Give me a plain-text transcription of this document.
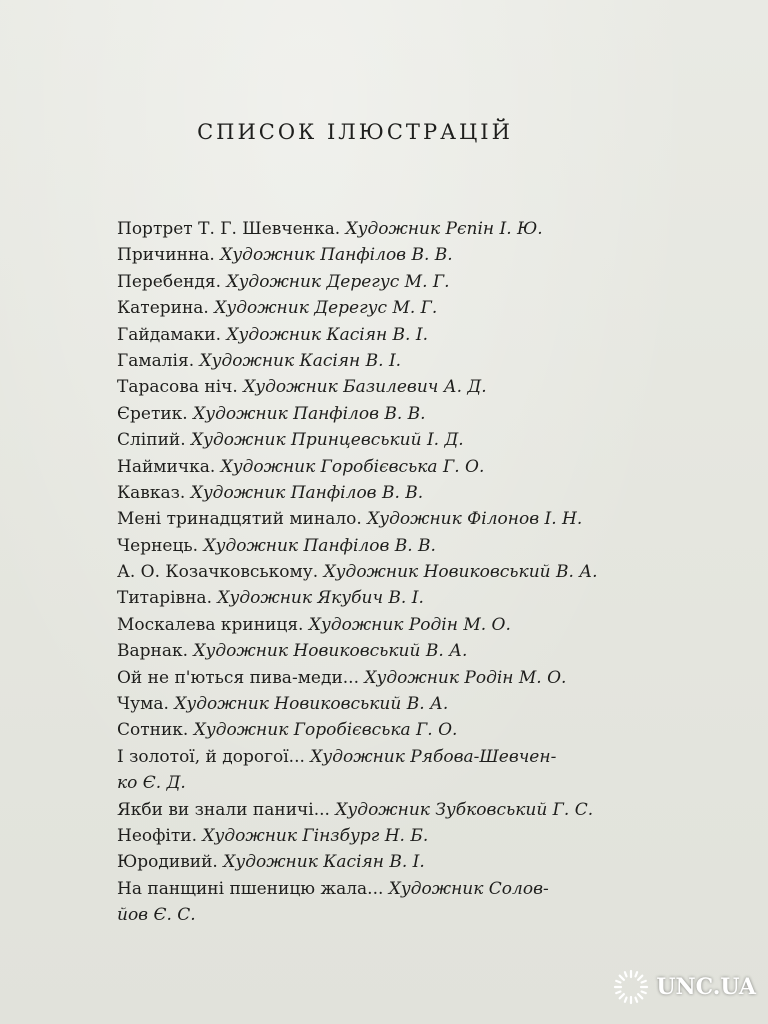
СПИСОК ІЛЮСТРАЦІЙ
Портрет Т. Г. Шевченка. Художник Рєпін І. Ю.
Причинна. Художник Панфілов В. В.
Перебендя. Художник Дерегус М. Г.
Катерина. Художник Дерегус М. Г.
Гайдамаки. Художник Касіян В. І.
Гамалія. Художник Касіян В. І.
Тарасова ніч. Художник Базилевич А. Д.
Єретик. Художник Панфілов В. В.
Сліпий. Художник Принцевський І. Д.
Наймичка. Художник Горобієвська Г. О.
Кавказ. Художник Панфілов В. В.
Мені тринадцятий минало. Художник Філонов І. Н.
Чернець. Художник Панфілов В. В.
А. О. Козачковському. Художник Новиковський В. А.
Титарівна. Художник Якубич В. І.
Москалева криниця. Художник Родін М. О.
Варнак. Художник Новиковський В. А.
Ой не п'ються пива-меди... Художник Родін М. О.
Чума. Художник Новиковський В. А.
Сотник. Художник Горобієвська Г. О.
І золотої, й дорогої... Художник Рябова-Шевчен-
ко Є. Д.
Якби ви знали паничі... Художник Зубковський Г. С.
Неофіти. Художник Гінзбург Н. Б.
Юродивий. Художник Касіян В. І.
На панщині пшеницю жала... Художник Солов-
йов Є. С.
UNC.UA
